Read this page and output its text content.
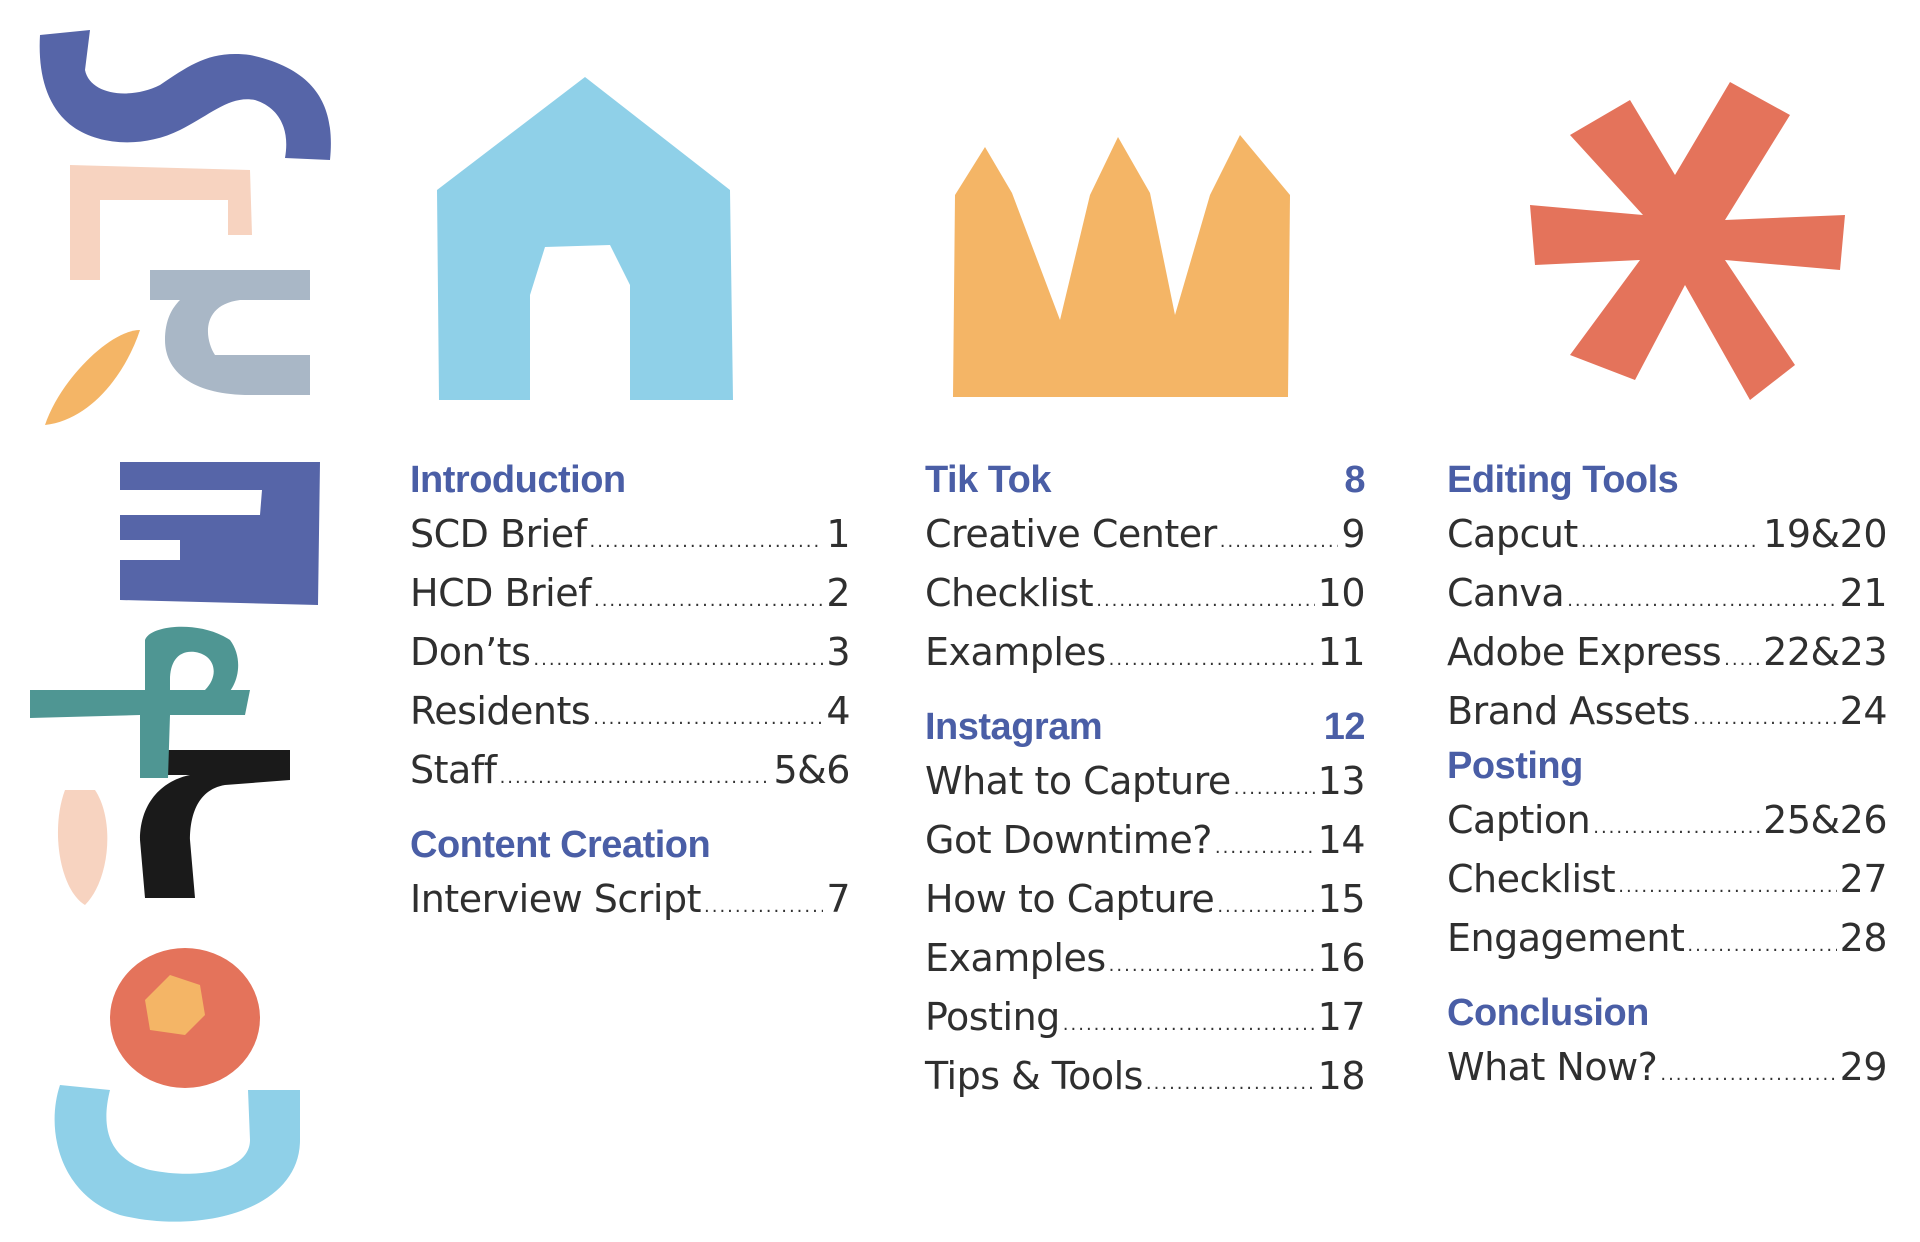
Introduction
SCD Brief .....	1
HCD Brief .....	2
Don’ts .....	3
Residents .....	4
Staff .....	5&6
Content Creation
Interview Script .....	7
Tik Tok	8
Creative Center .....	9
Checklist .....	10
Examples .....	11
Instagram	12
What to Capture ..... 13
Got Downtime? .....	14
How to Capture .....	15
Examples .....	16
Posting .....	17
Tips & Tools .....	18
Editing Tools
Capcut .....	19&20
Canva .....	21
Adobe Express ..... 22&23
Brand Assets .....	24
Posting
Caption .....	25&26
Checklist .....	27
Engagement .....	28
Conclusion
What Now? .....	29
